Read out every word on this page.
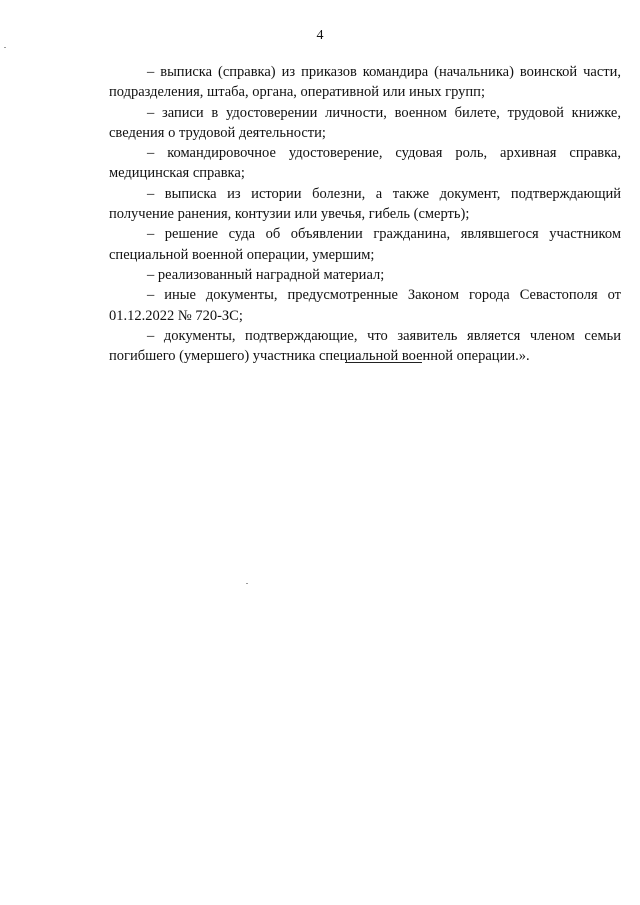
4

– выписка (справка) из приказов командира (начальника) воинской части, подразделения, штаба, органа, оперативной или иных групп;

– записи в удостоверении личности, военном билете, трудовой книжке, сведения о трудовой деятельности;

– командировочное удостоверение, судовая роль, архивная справка, медицинская справка;

– выписка из истории болезни, а также документ, подтверждающий получение ранения, контузии или увечья, гибель (смерть);

– решение суда об объявлении гражданина, являвшегося участником специальной военной операции, умершим;

– реализованный наградной материал;

– иные документы, предусмотренные Законом города Севастополя от 01.12.2022 № 720-ЗС;

– документы, подтверждающие, что заявитель является членом семьи погибшего (умершего) участника специальной военной операции.».
